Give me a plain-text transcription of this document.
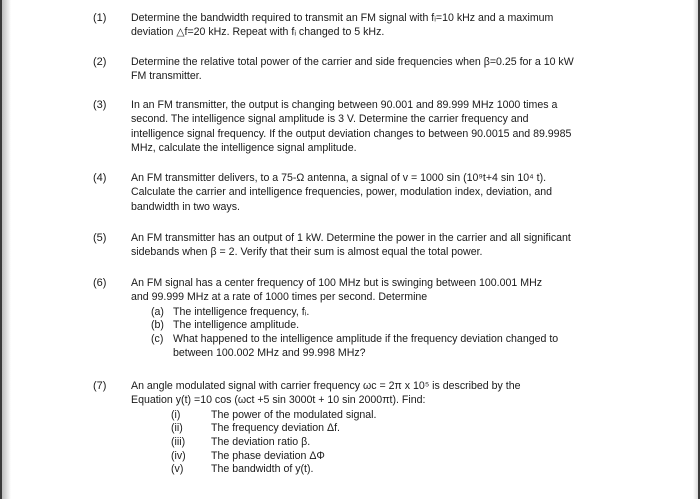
(1) Determine the bandwidth required to transmit an FM signal with fᵢ=10 kHz and a maximum

deviation △f=20 kHz. Repeat with fᵢ changed to 5 kHz.

(2) Determine the relative total power of the carrier and side frequencies when β=0.25 for a 10 kW

FM transmitter.

(3) In an FM transmitter, the output is changing between 90.001 and 89.999 MHz 1000 times a

second. The intelligence signal amplitude is 3 V. Determine the carrier frequency and

intelligence signal frequency. If the output deviation changes to between 90.0015 and 89.9985

MHz, calculate the intelligence signal amplitude.

(4) An FM transmitter delivers, to a 75-Ω antenna, a signal of v = 1000 sin (10⁹t+4 sin 10⁴ t).

Calculate the carrier and intelligence frequencies, power, modulation index, deviation, and

bandwidth in two ways.

(5) An FM transmitter has an output of 1 kW. Determine the power in the carrier and all significant

sidebands when β = 2. Verify that their sum is almost equal the total power.

(6) An FM signal has a center frequency of 100 MHz but is swinging between 100.001 MHz

and 99.999 MHz at a rate of 1000 times per second. Determine

(a) The intelligence frequency, fᵢ.
(b) The intelligence amplitude.
(c) What happened to the intelligence amplitude if the frequency deviation changed to
between 100.002 MHz and 99.998 MHz?
(7) An angle modulated signal with carrier frequency ωc = 2π x 10⁵ is described by the

Equation y(t) =10 cos (ωct +5 sin 3000t + 10 sin 2000πt). Find:

(i)	The power of the modulated signal.
(ii)	The frequency deviation Δf.
(iii) The deviation ratio β.
(iv) The phase deviation ΔΦ
(v)	The bandwidth of y(t).
